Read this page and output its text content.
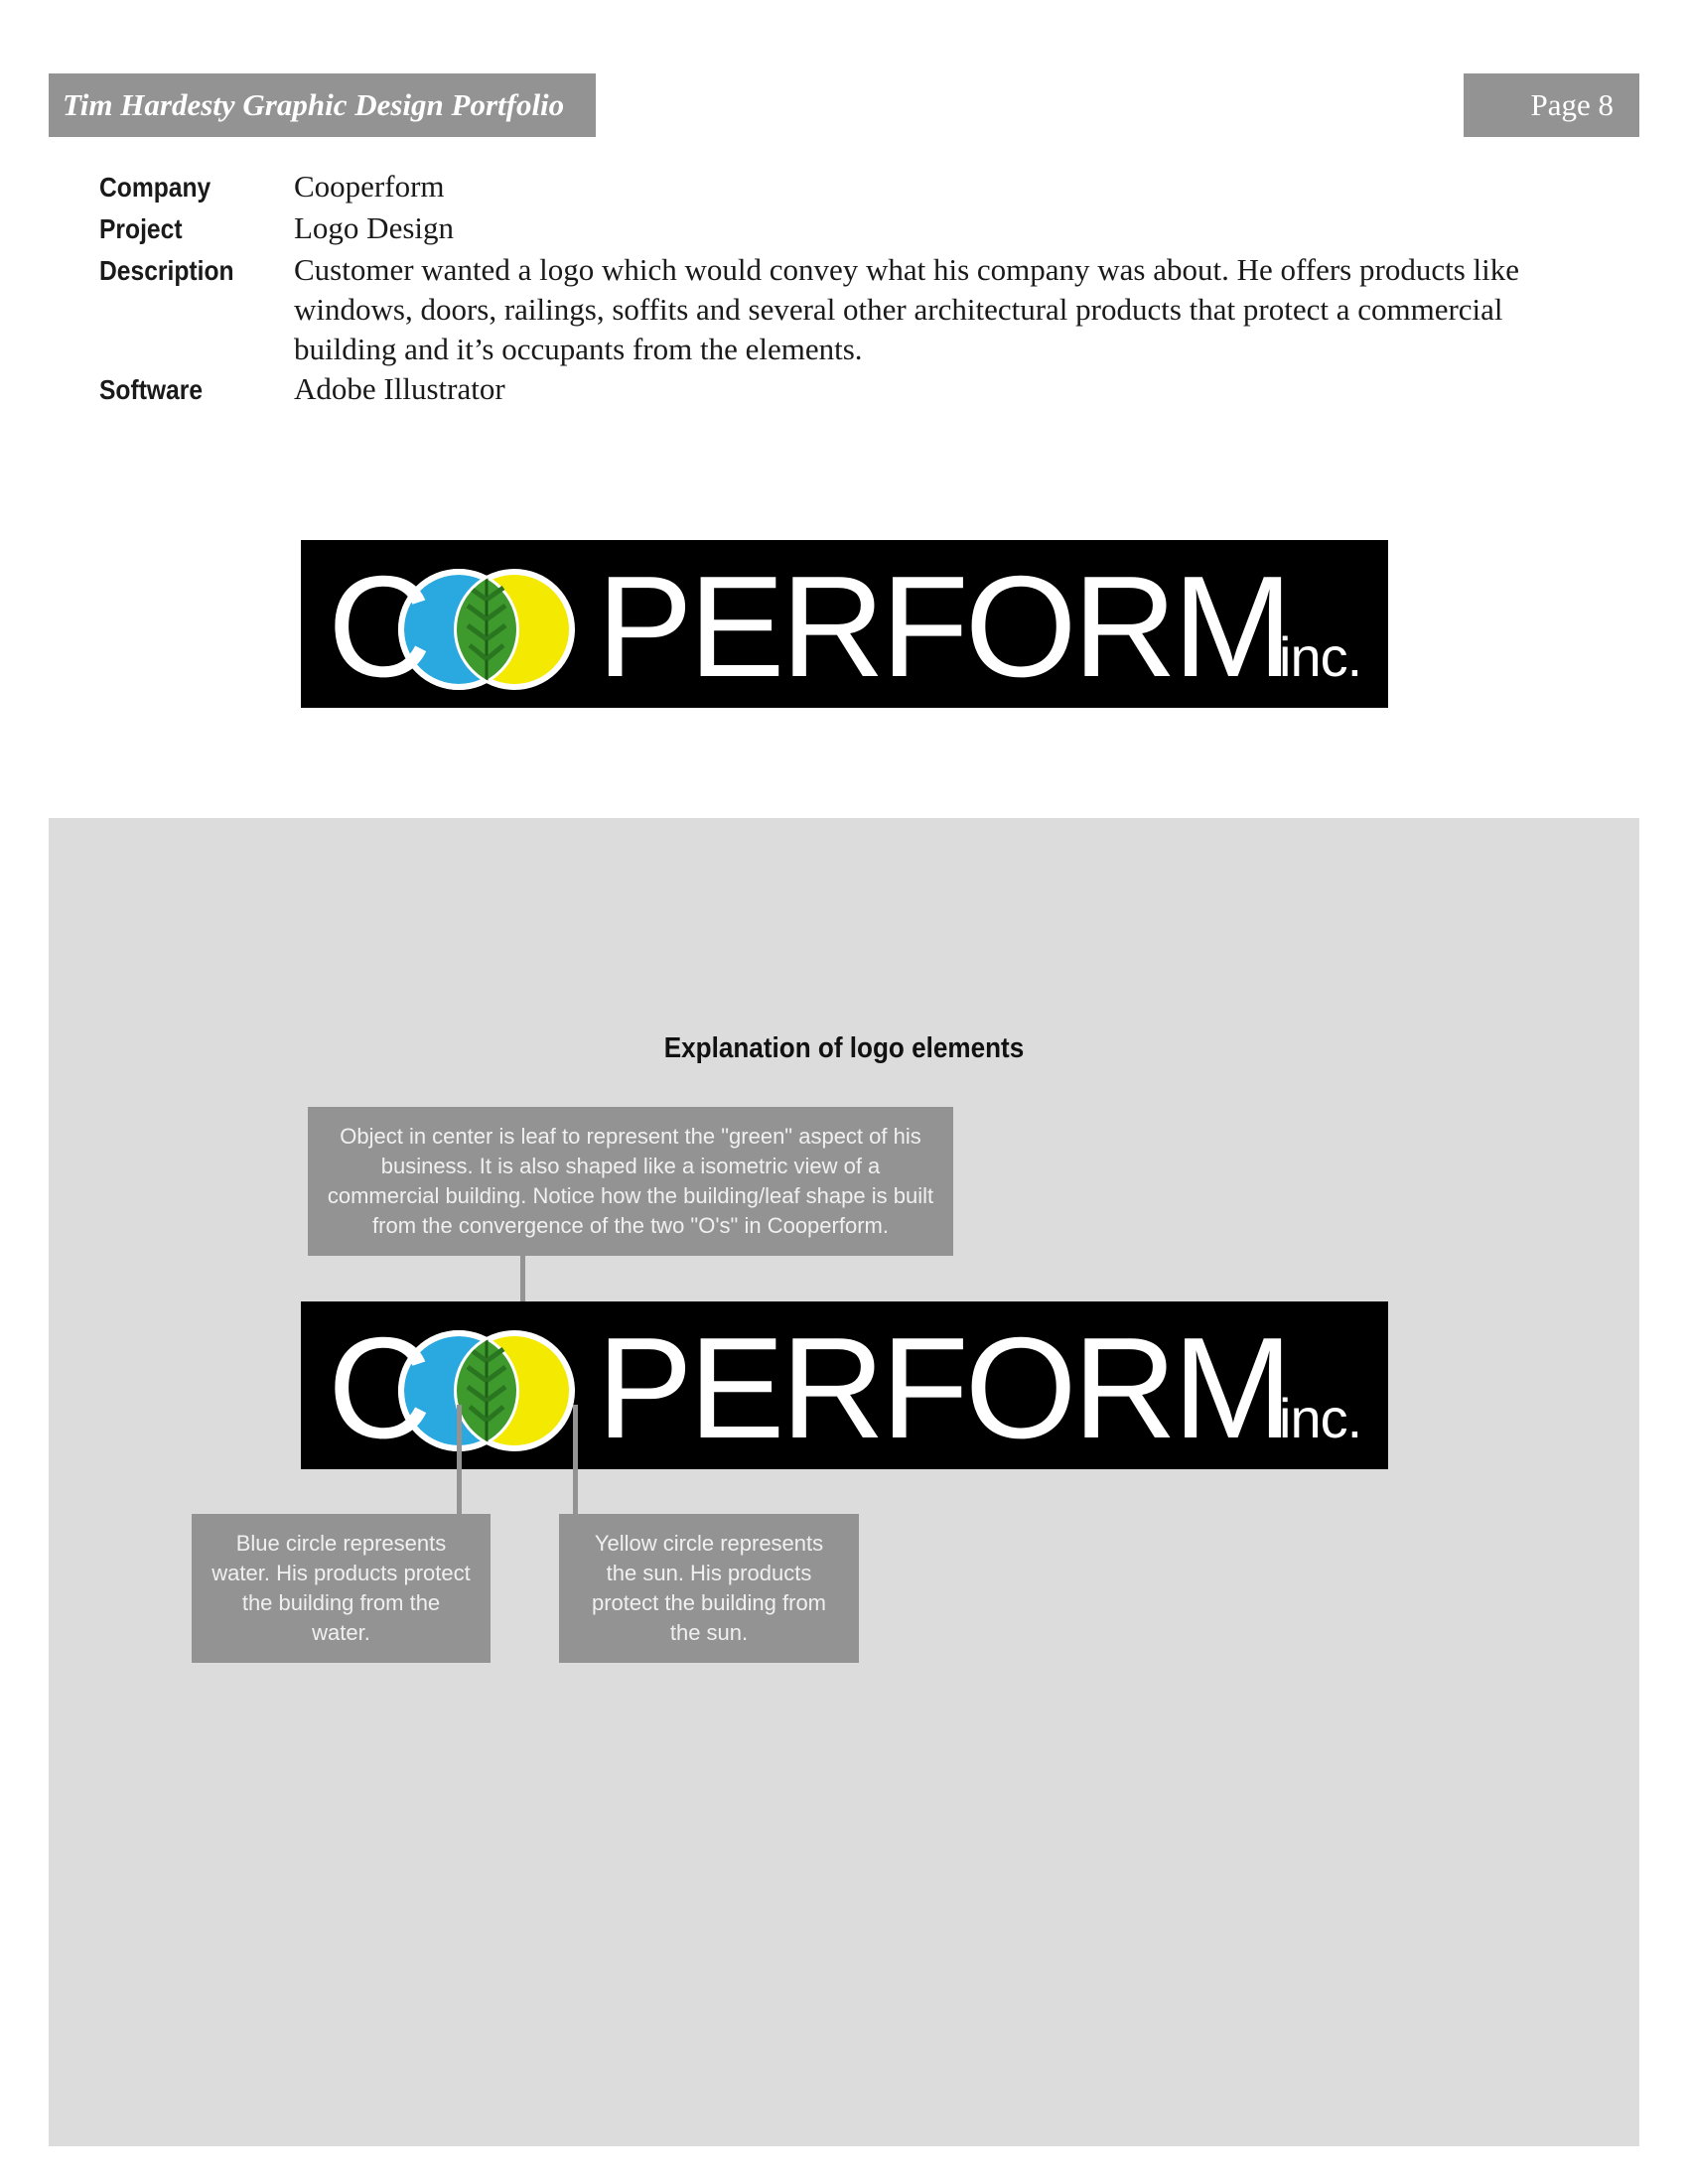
Tim Hardesty Graphic Design Portfolio	Page 8
Company	Cooperform
Project	Logo Design
Description	Customer wanted a logo which would convey what his company was about. He offers products like windows, doors, railings, soffits and several other architectural products that protect a commercial building and it’s occupants from the elements.
Software	Adobe Illustrator
C PERFORM
inc.
Explanation of logo elements
Object in center is leaf to represent the "green" aspect of his business. It is also shaped like a isometric view of a commercial building. Notice how the building/leaf shape is built from the convergence of the two "O's" in Cooperform.
C PERFORM
inc.
Blue circle represents water. His products protect the building from the water.
Yellow circle represents the sun. His products protect the building from the sun.
